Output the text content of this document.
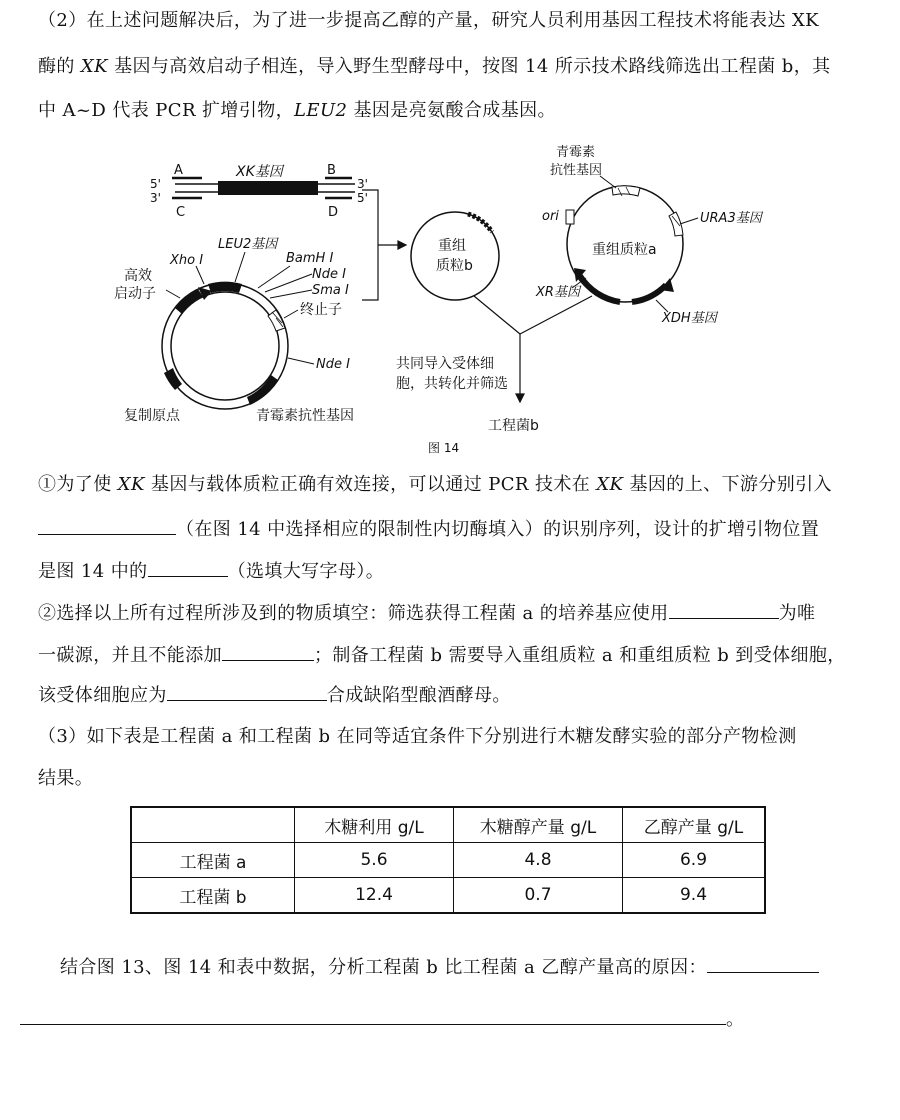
（2）在上述问题解决后，为了进一步提高乙醇的产量，研究人员利用基因工程技术将能表达 XK
酶的 XK 基因与高效启动子相连，导入野生型酵母中，按图 14 所示技术路线筛选出工程菌 b，其
中 A~D 代表 PCR 扩增引物，LEU2 基因是亮氨酸合成基因。
A	XK基因	B
5'
3'
3'
5'
C	D
Xho Ⅰ
LEU2基因
BamH Ⅰ
Nde Ⅰ
Sma Ⅰ
高效
启动子
终止子
Nde Ⅰ
复制原点	青霉素抗性基因
重组
质粒b
青霉素
抗性基因
ori	URA3基因
重组质粒a
XR基因
XDH基因
共同导入受体细
胞，共转化并筛选
工程菌b
图 14
①为了使 XK 基因与载体质粒正确有效连接，可以通过 PCR 技术在 XK 基因的上、下游分别引入
（在图 14 中选择相应的限制性内切酶填入）的识别序列，设计的扩增引物位置
是图 14 中的	（选填大写字母）。
②选择以上所有过程所涉及到的物质填空：筛选获得工程菌 a 的培养基应使用	为唯
一碳源，并且不能添加	；制备工程菌 b 需要导入重组质粒 a 和重组质粒 b 到受体细胞，
该受体细胞应为	合成缺陷型酿酒酵母。
（3）如下表是工程菌 a 和工程菌 b 在同等适宜条件下分别进行木糖发酵实验的部分产物检测
结果。
	木糖利用 g/L	木糖醇产量 g/L	乙醇产量 g/L
工程菌 a	5.6	4.8	6.9
工程菌 b	12.4	0.7	9.4
结合图 13、图 14 和表中数据，分析工程菌 b 比工程菌 a 乙醇产量高的原因：
。
